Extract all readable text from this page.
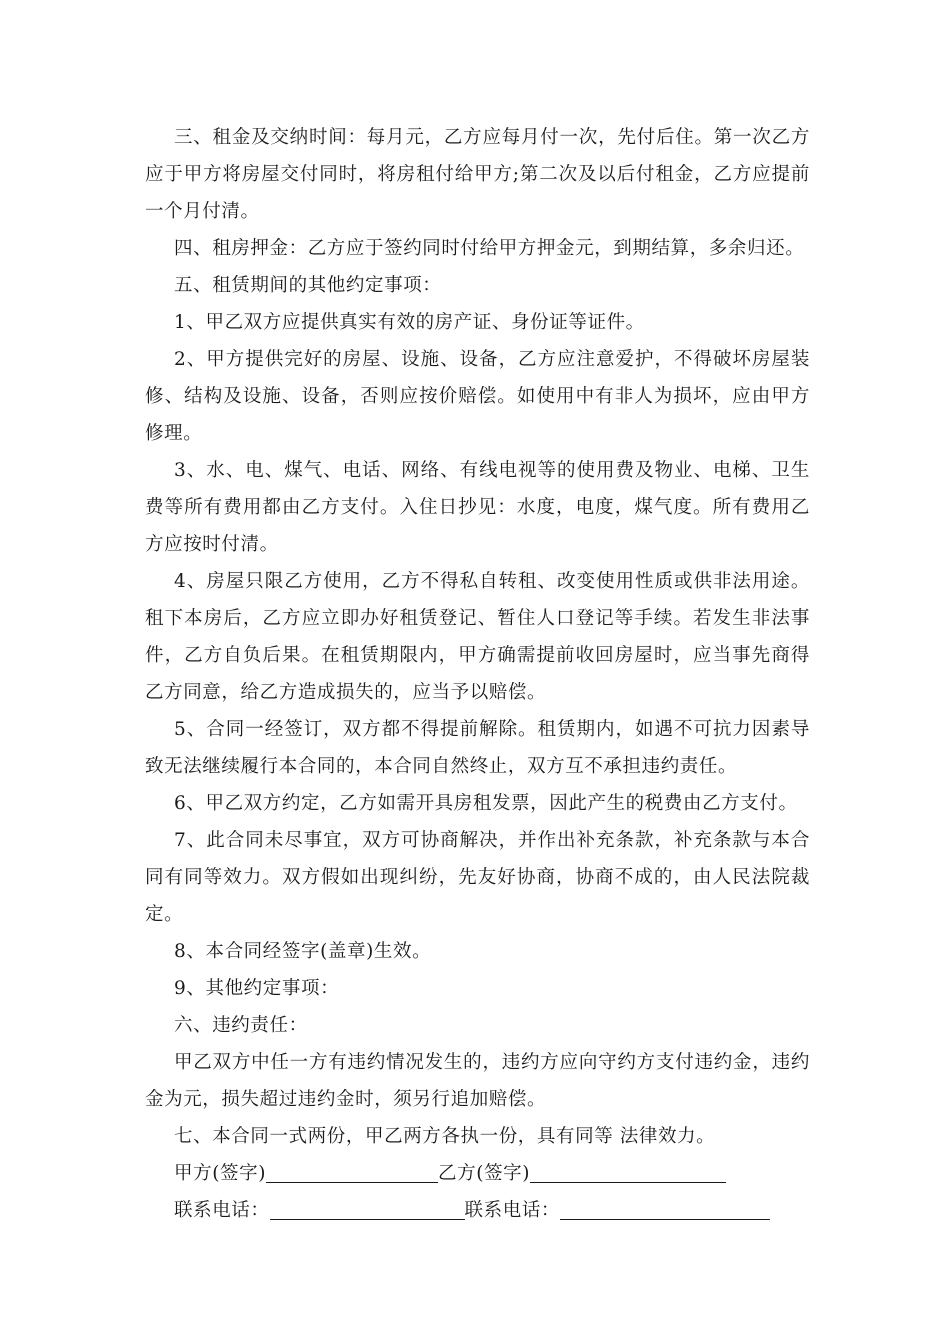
三、租金及交纳时间：每月元，乙方应每月付一次，先付后住。第一次乙方应于甲方将房屋交付同时，将房租付给甲方;第二次及以后付租金，乙方应提前一个月付清。

四、租房押金：乙方应于签约同时付给甲方押金元，到期结算，多余归还。

五、租赁期间的其他约定事项：

1、甲乙双方应提供真实有效的房产证、身份证等证件。

2、甲方提供完好的房屋、设施、设备，乙方应注意爱护，不得破坏房屋装修、结构及设施、设备，否则应按价赔偿。如使用中有非人为损坏，应由甲方修理。

3、水、电、煤气、电话、网络、有线电视等的使用费及物业、电梯、卫生费等所有费用都由乙方支付。入住日抄见：水度，电度，煤气度。所有费用乙方应按时付清。

4、房屋只限乙方使用，乙方不得私自转租、改变使用性质或供非法用途。租下本房后，乙方应立即办好租赁登记、暂住人口登记等手续。若发生非法事件，乙方自负后果。在租赁期限内，甲方确需提前收回房屋时，应当事先商得乙方同意，给乙方造成损失的，应当予以赔偿。

5、合同一经签订，双方都不得提前解除。租赁期内，如遇不可抗力因素导致无法继续履行本合同的，本合同自然终止，双方互不承担违约责任。

6、甲乙双方约定，乙方如需开具房租发票，因此产生的税费由乙方支付。

7、此合同未尽事宜，双方可协商解决，并作出补充条款，补充条款与本合同有同等效力。双方假如出现纠纷，先友好协商，协商不成的，由人民法院裁定。

8、本合同经签字(盖章)生效。

9、其他约定事项：

六、违约责任：

甲乙双方中任一方有违约情况发生的，违约方应向守约方支付违约金，违约金为元，损失超过违约金时，须另行追加赔偿。

七、本合同一式两份，甲乙两方各执一份，具有同等 法律效力。

甲方(签字)	乙方(签字)
联系电话：	联系电话：
